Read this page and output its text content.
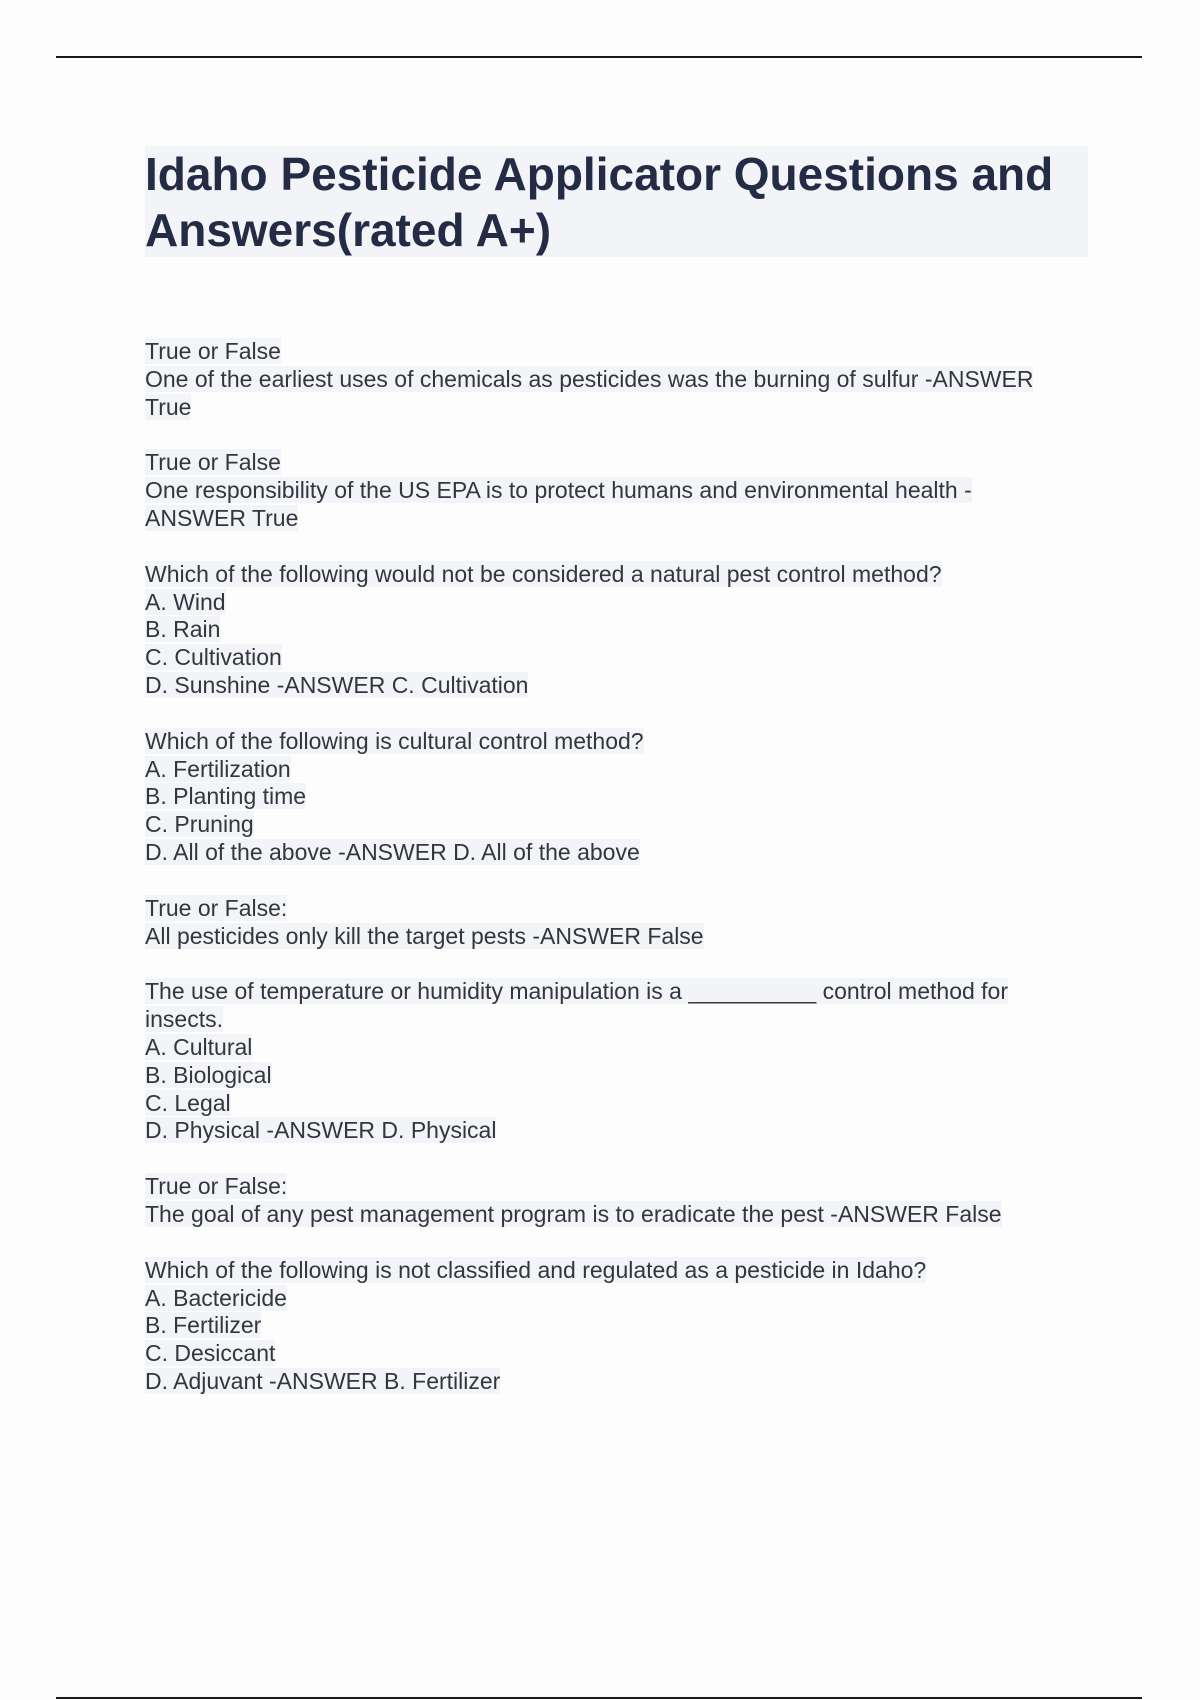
Idaho Pesticide Applicator Questions and Answers(rated A+)
True or False
One of the earliest uses of chemicals as pesticides was the burning of sulfur -ANSWER
True
True or False
One responsibility of the US EPA is to protect humans and environmental health -
ANSWER True
Which of the following would not be considered a natural pest control method?
A. Wind
B. Rain
C. Cultivation
D. Sunshine -ANSWER C. Cultivation
Which of the following is cultural control method?
A. Fertilization
B. Planting time
C. Pruning
D. All of the above -ANSWER D. All of the above
True or False:
All pesticides only kill the target pests -ANSWER False
The use of temperature or humidity manipulation is a __________ control method for
insects.
A. Cultural
B. Biological
C. Legal
D. Physical -ANSWER D. Physical
True or False:
The goal of any pest management program is to eradicate the pest -ANSWER False
Which of the following is not classified and regulated as a pesticide in Idaho?
A. Bactericide
B. Fertilizer
C. Desiccant
D. Adjuvant -ANSWER B. Fertilizer
